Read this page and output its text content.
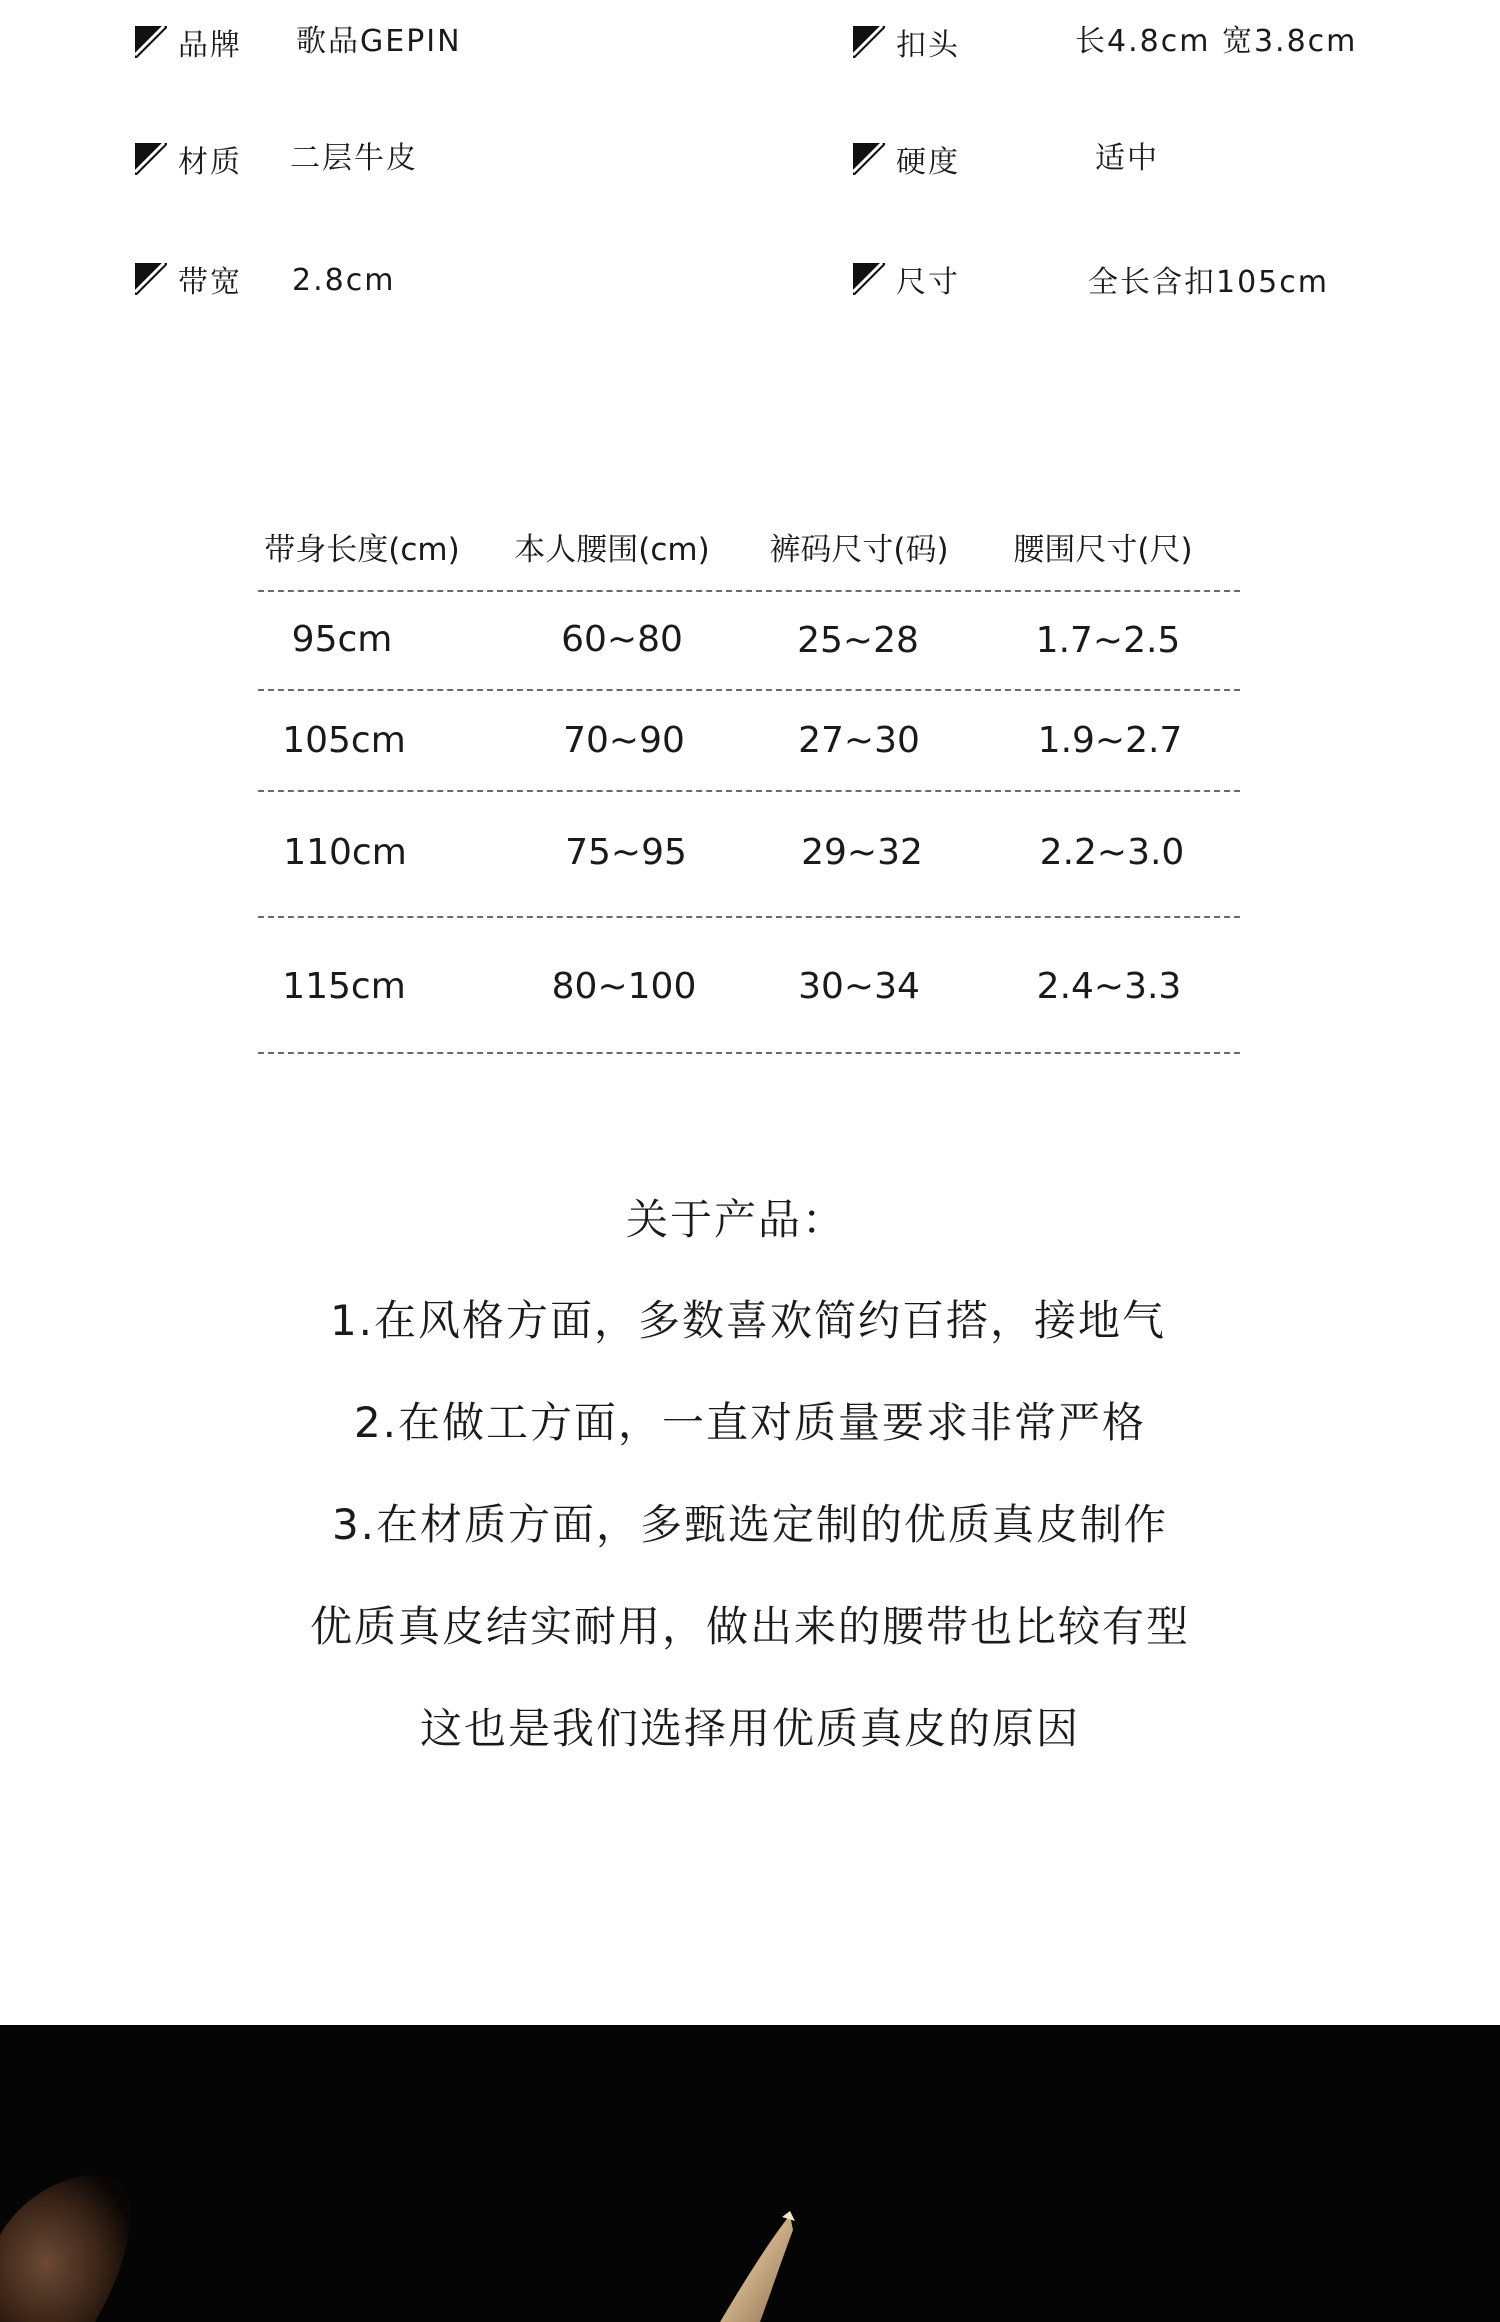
品牌 歌品GEPIN	扣头	长4.8cm 宽3.8cm
材质 二层牛皮	硬度	适中
带宽 2.8cm	尺寸	全长含扣105cm
带身长度(cm) 本人腰围(cm) 裤码尺寸(码) 腰围尺寸(尺)
95cm	60~80	25~28	1.7~2.5
105cm	70~90	27~30	1.9~2.7
110cm	75~95	29~32	2.2~3.0
115cm	80~100	30~34	2.4~3.3
关于产品：
1.在风格方面，多数喜欢简约百搭，接地气
2.在做工方面，一直对质量要求非常严格
3.在材质方面，多甄选定制的优质真皮制作
优质真皮结实耐用，做出来的腰带也比较有型
这也是我们选择用优质真皮的原因
